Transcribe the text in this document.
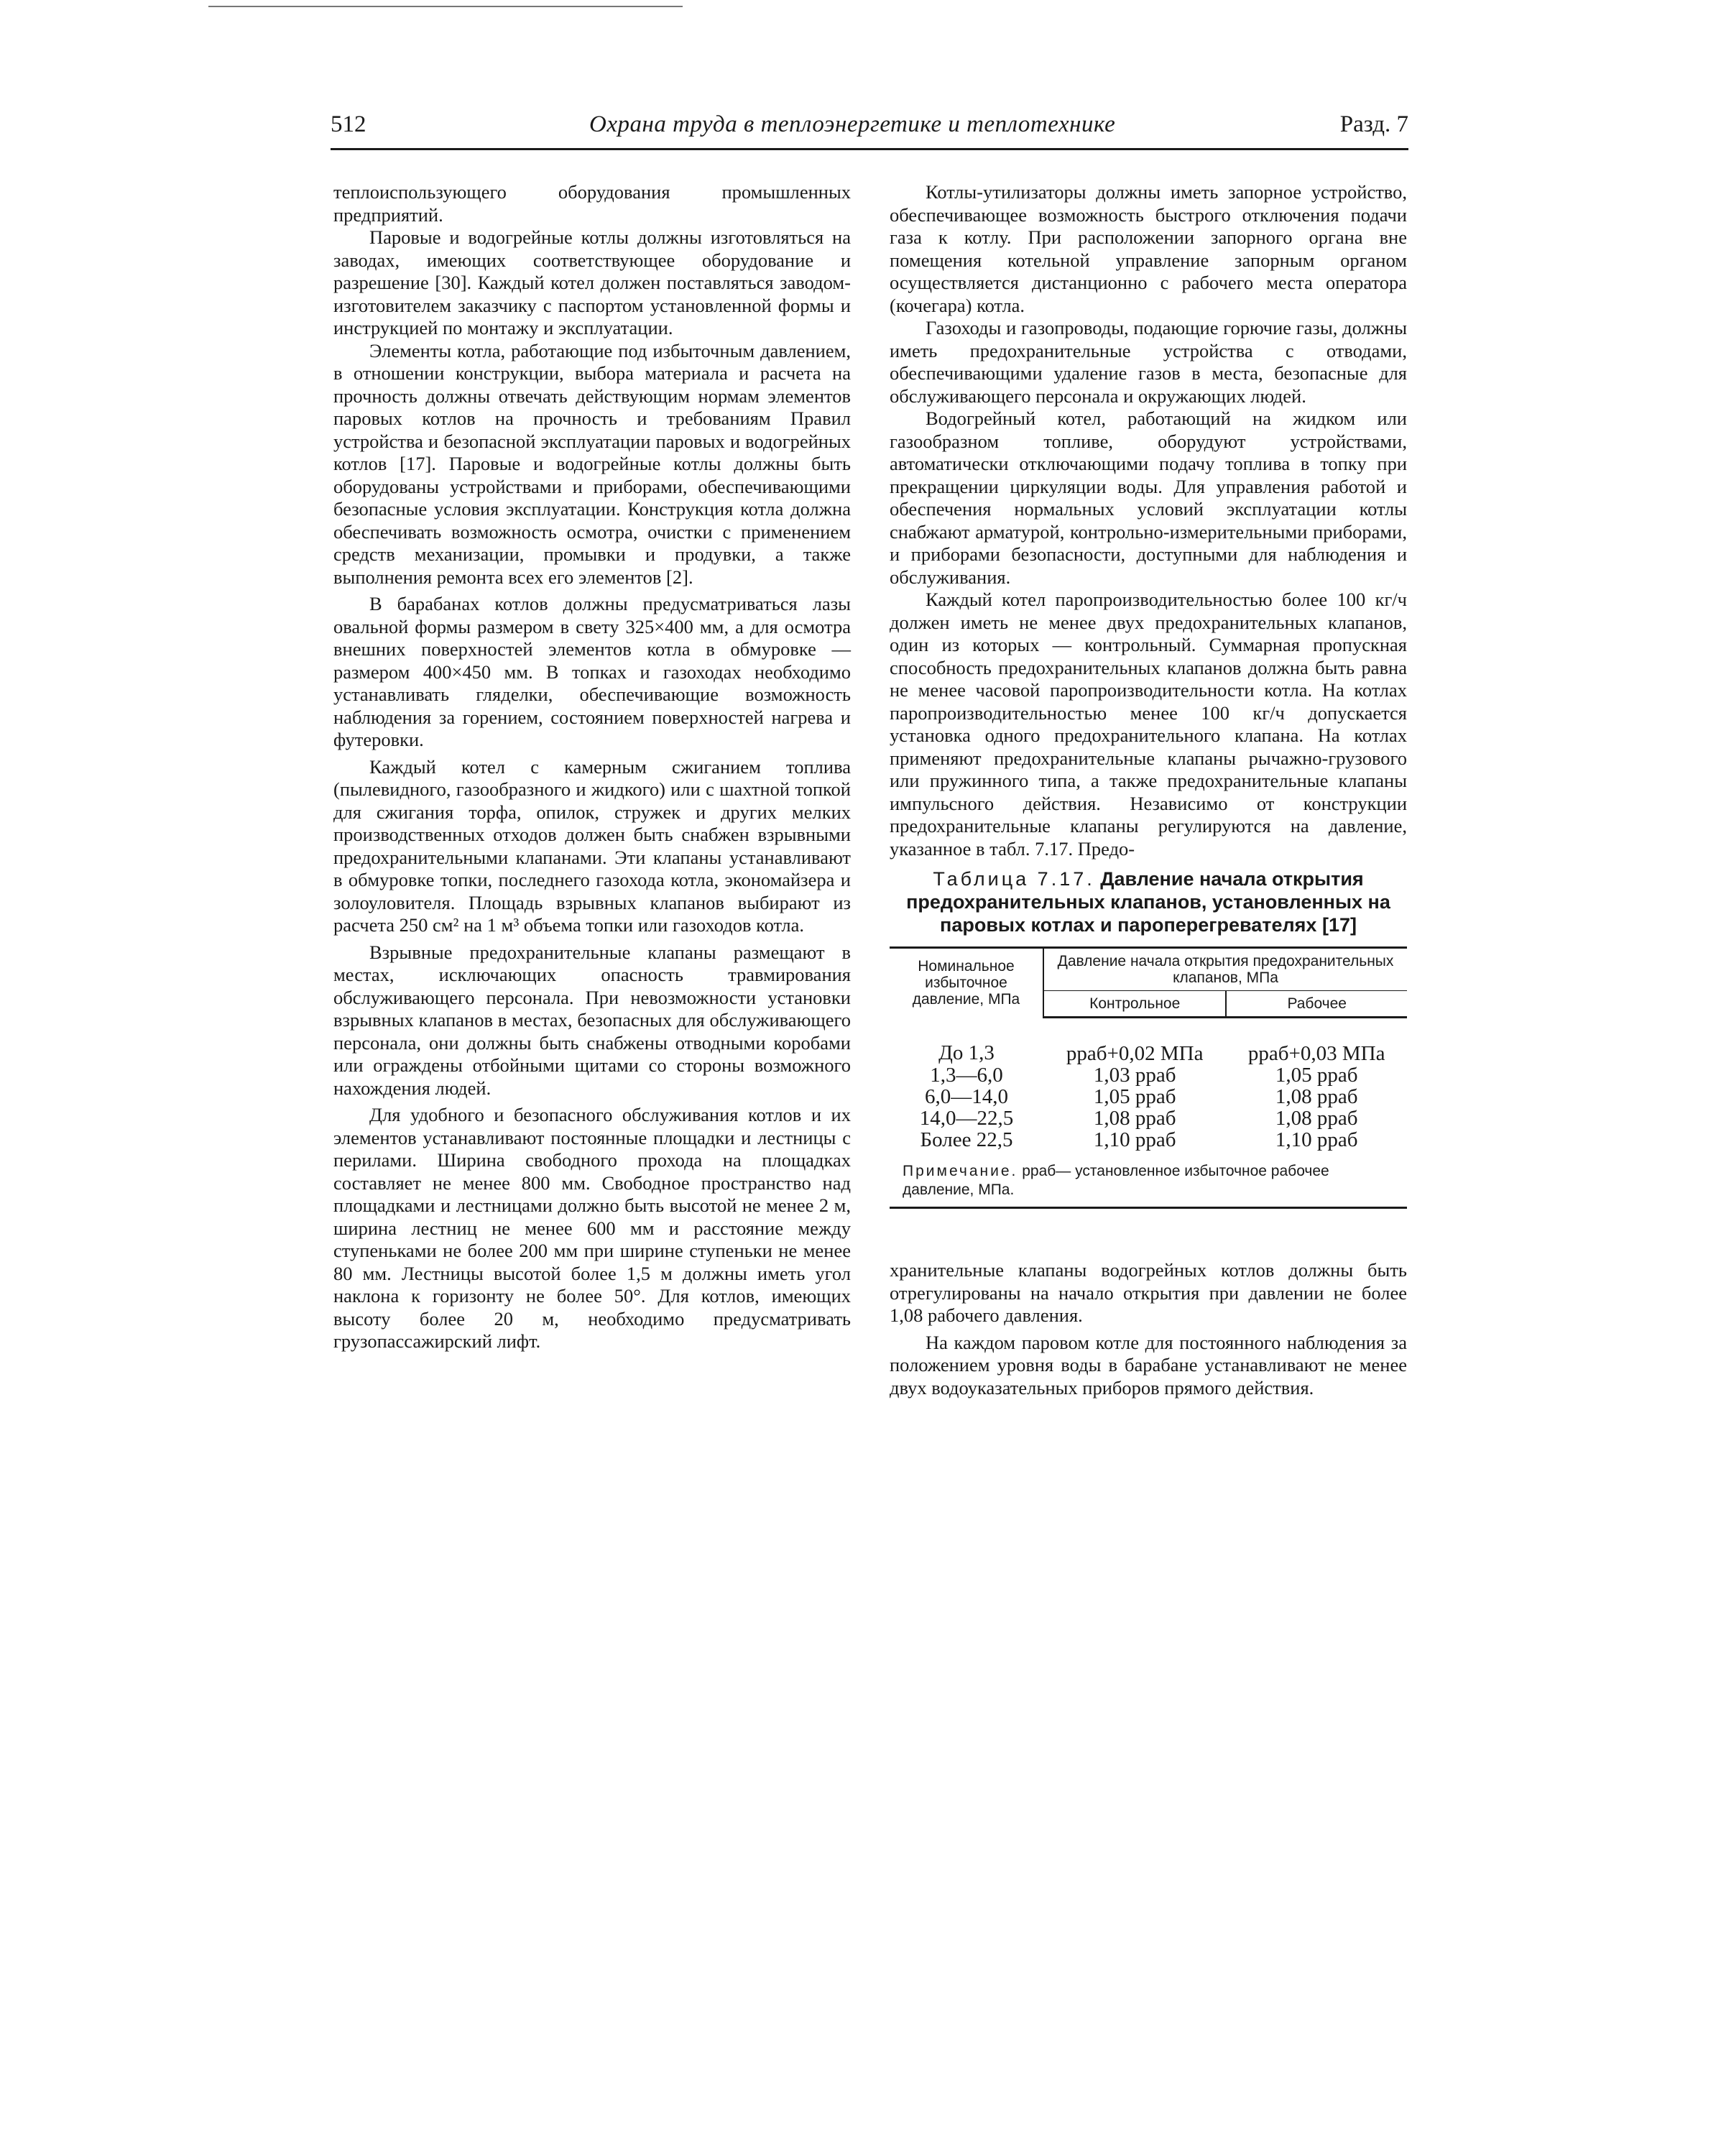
512	Охрана труда в теплоэнергетике и теплотехнике	Разд. 7

теплоиспользующего оборудования промышленных предприятий.

Паровые и водогрейные котлы должны изготовляться на заводах, имеющих соответствующее оборудование и разрешение [30]. Каждый котел должен поставляться заводом-изготовителем заказчику с паспортом установленной формы и инструкцией по монтажу и эксплуатации.

Элементы котла, работающие под избыточным давлением, в отношении конструкции, выбора материала и расчета на прочность должны отвечать действующим нормам элементов паровых котлов на прочность и требованиям Правил устройства и безопасной эксплуатации паровых и водогрейных котлов [17]. Паровые и водогрейные котлы должны быть оборудованы устройствами и приборами, обеспечивающими безопасные условия эксплуатации. Конструкция котла должна обеспечивать возможность осмотра, очистки с применением средств механизации, промывки и продувки, а также выполнения ремонта всех его элементов [2].

В барабанах котлов должны предусматриваться лазы овальной формы размером в свету 325×400 мм, а для осмотра внешних поверхностей элементов котла в обмуровке — размером 400×450 мм. В топках и газоходах необходимо устанавливать гляделки, обеспечивающие возможность наблюдения за горением, состоянием поверхностей нагрева и футеровки.

Каждый котел с камерным сжиганием топлива (пылевидного, газообразного и жидкого) или с шахтной топкой для сжигания торфа, опилок, стружек и других мелких производственных отходов должен быть снабжен взрывными предохранительными клапанами. Эти клапаны устанавливают в обмуровке топки, последнего газохода котла, экономайзера и золоуловителя. Площадь взрывных клапанов выбирают из расчета 250 см² на 1 м³ объема топки или газоходов котла.

Взрывные предохранительные клапаны размещают в местах, исключающих опасность травмирования обслуживающего персонала. При невозможности установки взрывных клапанов в местах, безопасных для обслуживающего персонала, они должны быть снабжены отводными коробами или ограждены отбойными щитами со стороны возможного нахождения людей.

Для удобного и безопасного обслуживания котлов и их элементов устанавливают постоянные площадки и лестницы с перилами. Ширина свободного прохода на площадках составляет не менее 800 мм. Свободное пространство над площадками и лестницами должно быть высотой не менее 2 м, ширина лестниц не менее 600 мм и расстояние между ступеньками не более 200 мм при ширине ступеньки не менее 80 мм. Лестницы высотой более 1,5 м должны иметь угол наклона к горизонту не более 50°. Для котлов, имеющих высоту более 20 м, необходимо предусматривать грузопассажирский лифт.

Котлы-утилизаторы должны иметь запорное устройство, обеспечивающее возможность быстрого отключения подачи газа к котлу. При расположении запорного органа вне помещения котельной управление запорным органом осуществляется дистанционно с рабочего места оператора (кочегара) котла.

Газоходы и газопроводы, подающие горючие газы, должны иметь предохранительные устройства с отводами, обеспечивающими удаление газов в места, безопасные для обслуживающего персонала и окружающих людей.

Водогрейный котел, работающий на жидком или газообразном топливе, оборудуют устройствами, автоматически отключающими подачу топлива в топку при прекращении циркуляции воды. Для управления работой и обеспечения нормальных условий эксплуатации котлы снабжают арматурой, контрольно-измерительными приборами, и приборами безопасности, доступными для наблюдения и обслуживания.

Каждый котел паропроизводительностью более 100 кг/ч должен иметь не менее двух предохранительных клапанов, один из которых — контрольный. Суммарная пропускная способность предохранительных клапанов должна быть равна не менее часовой паропроизводительности котла. На котлах паропроизводительностью менее 100 кг/ч допускается установка одного предохранительного клапана. На котлах применяют предохранительные клапаны рычажно-грузового или пружинного типа, а также предохранительные клапаны импульсного действия. Независимо от конструкции предохранительные клапаны регулируются на давление, указанное в табл. 7.17. Предо-

Таблица 7.17. Давление начала открытия предохранительных клапанов, установленных на паровых котлах и пароперегревателях [17]
Номинальное избыточное давление, МПа	Давление начала открытия предохранительных клапанов, МПа	
	Контрольное	Рабочее
До 1,3	pраб+0,02 МПа	pраб+0,03 МПа
1,3—6,0	1,03 pраб	1,05 pраб
6,0—14,0	1,05 pраб	1,08 pраб
14,0—22,5	1,08 pраб	1,08 pраб
Более 22,5	1,10 pраб	1,10 pраб
Примечание. pраб— установленное избыточное рабочее давление, МПа.		

хранительные клапаны водогрейных котлов должны быть отрегулированы на начало открытия при давлении не более 1,08 рабочего давления.

На каждом паровом котле для постоянного наблюдения за положением уровня воды в барабане устанавливают не менее двух водоуказательных приборов прямого действия.
